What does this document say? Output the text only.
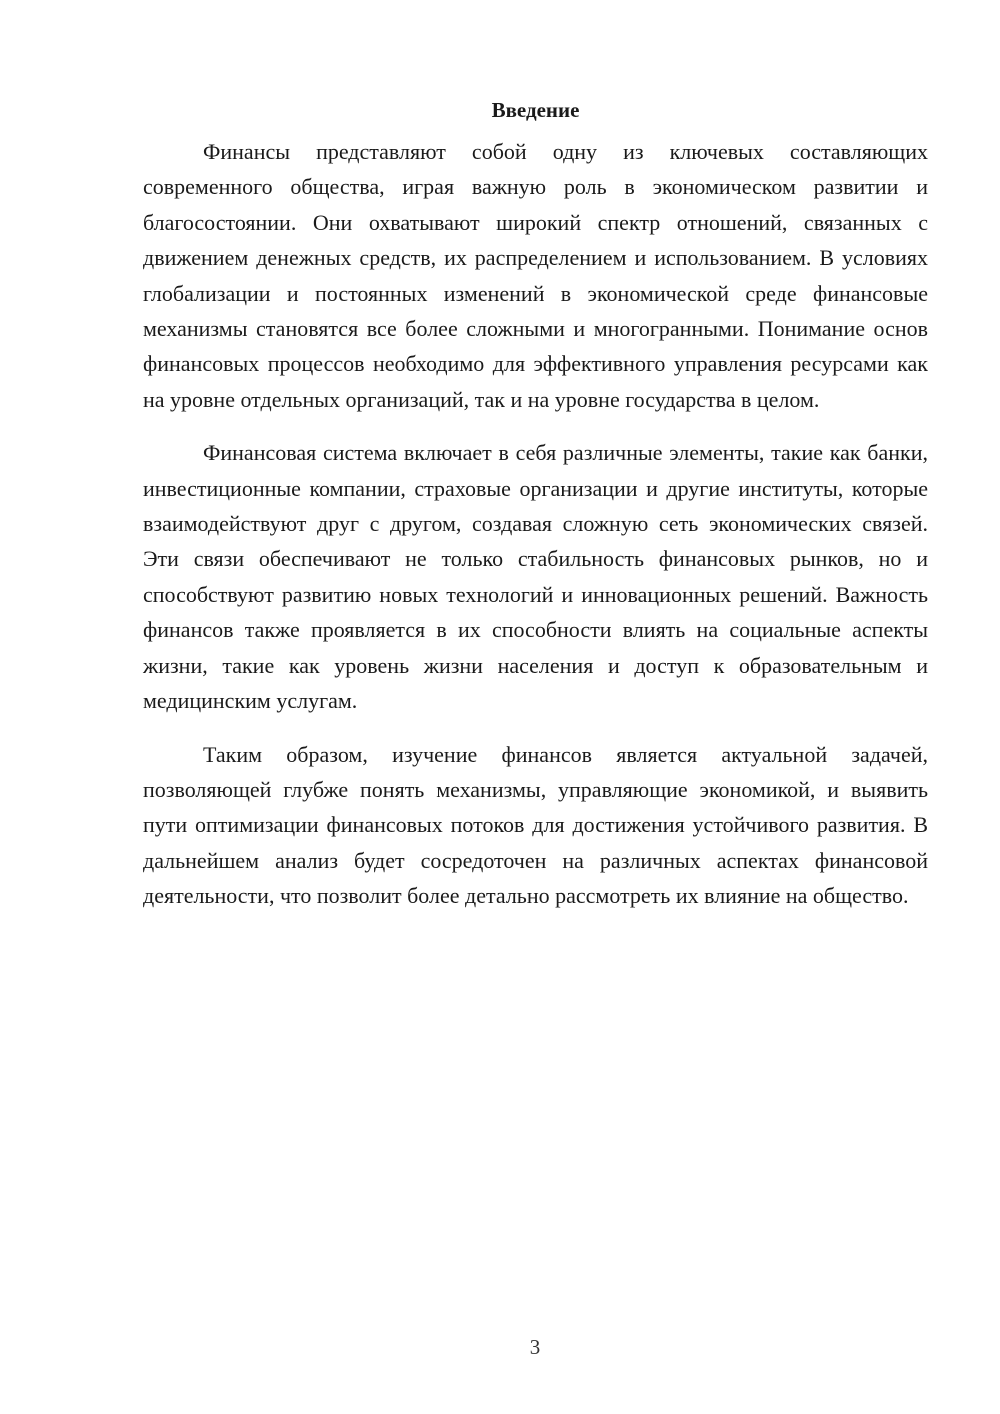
Введение

Финансы представляют собой одну из ключевых составляющих современного общества, играя важную роль в экономическом развитии и благосостоянии. Они охватывают широкий спектр отношений, связанных с движением денежных средств, их распределением и использованием. В условиях глобализации и постоянных изменений в экономической среде финансовые механизмы становятся все более сложными и многогранными. Понимание основ финансовых процессов необходимо для эффективного управления ресурсами как на уровне отдельных организаций, так и на уровне государства в целом.

Финансовая система включает в себя различные элементы, такие как банки, инвестиционные компании, страховые организации и другие институты, которые взаимодействуют друг с другом, создавая сложную сеть экономических связей. Эти связи обеспечивают не только стабильность финансовых рынков, но и способствуют развитию новых технологий и инновационных решений. Важность финансов также проявляется в их способности влиять на социальные аспекты жизни, такие как уровень жизни населения и доступ к образовательным и медицинским услугам.

Таким образом, изучение финансов является актуальной задачей, позволяющей глубже понять механизмы, управляющие экономикой, и выявить пути оптимизации финансовых потоков для достижения устойчивого развития. В дальнейшем анализ будет сосредоточен на различных аспектах финансовой деятельности, что позволит более детально рассмотреть их влияние на общество.

3
